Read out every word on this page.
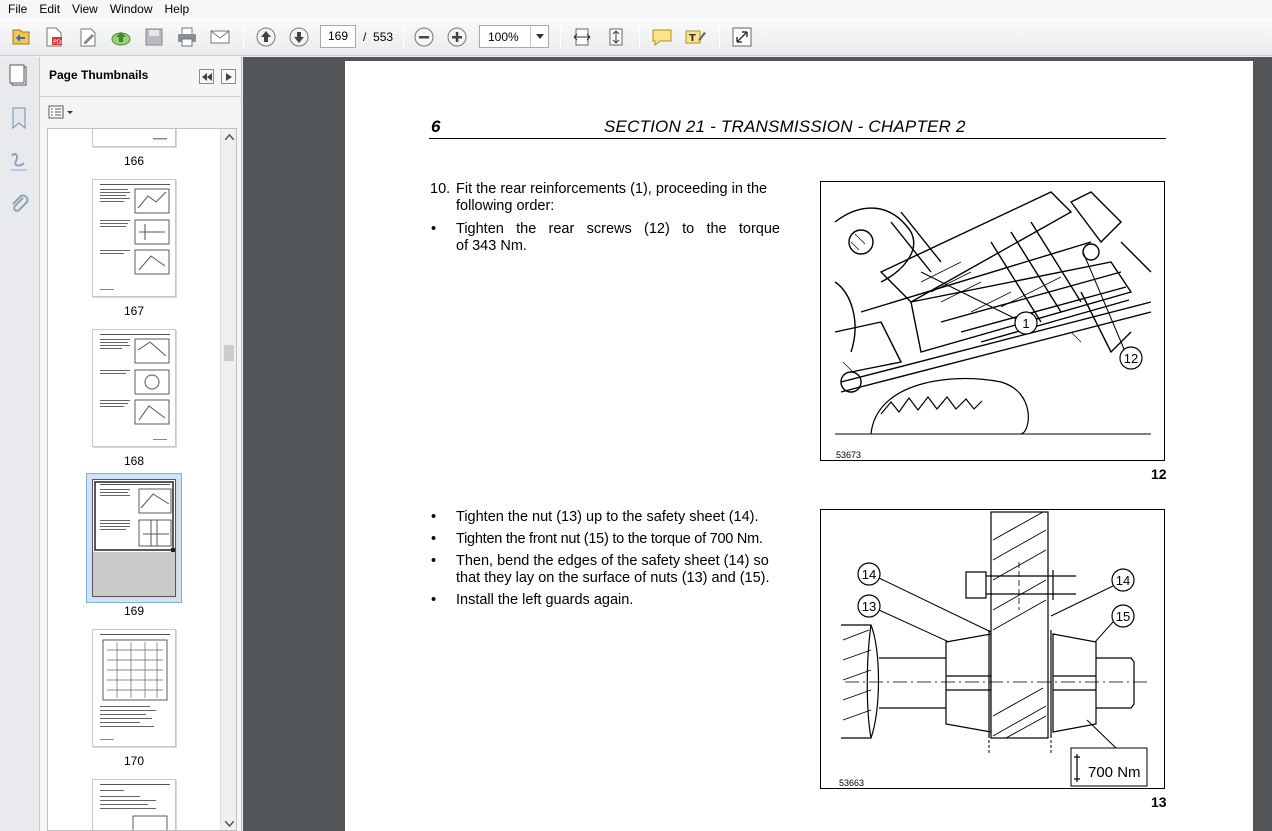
File	Edit	View	Window	Help
PDF	169	/ 553	100%	T
Page Thumbnails
166
167
168
169
170
6	SECTION 21 - TRANSMISSION - CHAPTER 2
10. Fit the rear reinforcements (1), proceeding in the
following order:
• Tighten the rear screws (12) to the torque
of 343 Nm.
1
12
53673
12
• Tighten the nut (13) up to the safety sheet (14).
• Tighten the front nut (15) to the torque of 700 Nm.
• Then, bend the edges of the safety sheet (14) so
that they lay on the surface of nuts (13) and (15).
• Install the left guards again.
14
13
14
15
700 Nm
53663
13
